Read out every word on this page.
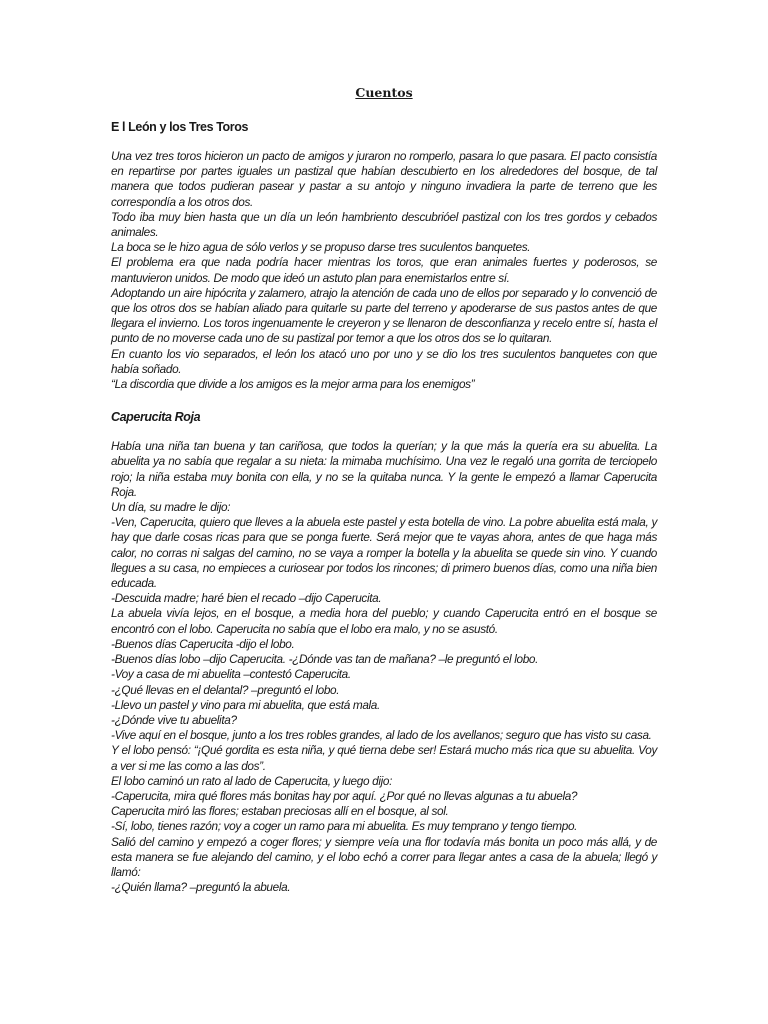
Cuentos
E l León y los Tres Toros

Una vez tres toros hicieron un pacto de amigos y juraron no romperlo, pasara lo que pasara. El pacto consistía en repartirse por partes iguales un pastizal que habían descubierto en los alrededores del bosque, de tal manera que todos pudieran pasear y pastar a su antojo y ninguno invadiera la parte de terreno que les correspondía a los otros dos.

Todo iba muy bien hasta que un día un león hambriento descubrióel pastizal con los tres gordos y cebados animales.

La boca se le hizo agua de sólo verlos y se propuso darse tres suculentos banquetes.

El problema era que nada podría hacer mientras los toros, que eran animales fuertes y poderosos, se mantuvieron unidos. De modo que ideó un astuto plan para enemistarlos entre sí.

Adoptando un aire hipócrita y zalamero, atrajo la atención de cada uno de ellos por separado y lo convenció de que los otros dos se habían aliado para quitarle su parte del terreno y apoderarse de sus pastos antes de que llegara el invierno. Los toros ingenuamente le creyeron y se llenaron de desconfianza y recelo entre sí, hasta el punto de no moverse cada uno de su pastizal por temor a que los otros dos se lo quitaran.

En cuanto los vio separados, el león los atacó uno por uno y se dio los tres suculentos banquetes con que había soñado.

“La discordia que divide a los amigos es la mejor arma para los enemigos”

Caperucita Roja

Había una niña tan buena y tan cariñosa, que todos la querían; y la que más la quería era su abuelita. La abuelita ya no sabía que regalar a su nieta: la mimaba muchísimo. Una vez le regaló una gorrita de terciopelo rojo; la niña estaba muy bonita con ella, y no se la quitaba nunca. Y la gente le empezó a llamar Caperucita Roja.

Un día, su madre le dijo:

-Ven, Caperucita, quiero que lleves a la abuela este pastel y esta botella de vino. La pobre abuelita está mala, y hay que darle cosas ricas para que se ponga fuerte. Será mejor que te vayas ahora, antes de que haga más calor, no corras ni salgas del camino, no se vaya a romper la botella y la abuelita se quede sin vino. Y cuando llegues a su casa, no empieces a curiosear por todos los rincones; di primero buenos días, como una niña bien educada.

-Descuida madre; haré bien el recado –dijo Caperucita.

La abuela vivía lejos, en el bosque, a media hora del pueblo; y cuando Caperucita entró en el bosque se encontró con el lobo. Caperucita no sabía que el lobo era malo, y no se asustó.

-Buenos días Caperucita -dijo el lobo.

-Buenos días lobo –dijo Caperucita. -¿Dónde vas tan de mañana? –le preguntó el lobo.

-Voy a casa de mi abuelita –contestó Caperucita.

-¿Qué llevas en el delantal? –preguntó el lobo.

-Llevo un pastel y vino para mi abuelita, que está mala.

-¿Dónde vive tu abuelita?

-Vive aquí en el bosque, junto a los tres robles grandes, al lado de los avellanos; seguro que has visto su casa.

Y el lobo pensó: “¡Qué gordita es esta niña, y qué tierna debe ser! Estará mucho más rica que su abuelita. Voy a ver si me las como a las dos”.

El lobo caminó un rato al lado de Caperucita, y luego dijo:

-Caperucita, mira qué flores más bonitas hay por aquí. ¿Por qué no llevas algunas a tu abuela?

Caperucita miró las flores; estaban preciosas allí en el bosque, al sol.

-Sí, lobo, tienes razón; voy a coger un ramo para mi abuelita. Es muy temprano y tengo tiempo.

Salió del camino y empezó a coger flores; y siempre veía una flor todavía más bonita un poco más allá, y de esta manera se fue alejando del camino, y el lobo echó a correr para llegar antes a casa de la abuela; llegó y llamó:

-¿Quién llama? –preguntó la abuela.
